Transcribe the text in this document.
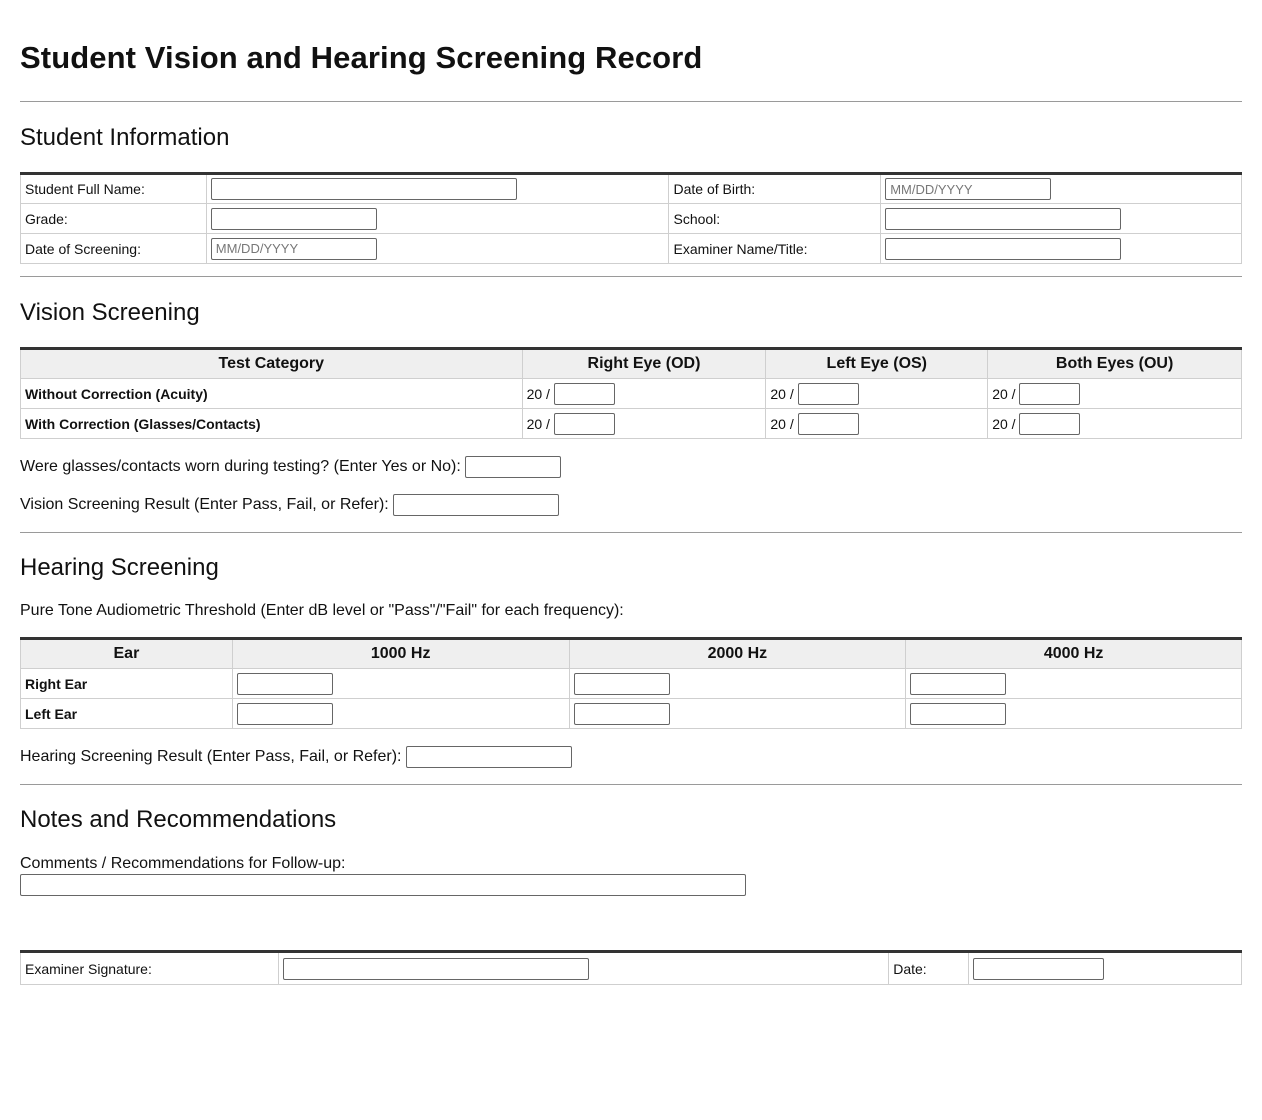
Student Vision and Hearing Screening Record
Student Information
Student Full Name:		Date of Birth:	MM/DD/YYYY
Grade:		School:	
Date of Screening:	MM/DD/YYYY	Examiner Name/Title:	
Vision Screening
Test Category	Right Eye (OD)	Left Eye (OS)	Both Eyes (OU)
Without Correction (Acuity)	20 /	20 /	20 /
With Correction (Glasses/Contacts)	20 /	20 /	20 /
Were glasses/contacts worn during testing? (Enter Yes or No):
Vision Screening Result (Enter Pass, Fail, or Refer):
Hearing Screening
Pure Tone Audiometric Threshold (Enter dB level or "Pass"/"Fail" for each frequency):
Ear	1000 Hz	2000 Hz	4000 Hz
Right Ear			
Left Ear			
Hearing Screening Result (Enter Pass, Fail, or Refer):
Notes and Recommendations
Comments / Recommendations for Follow-up:
Examiner Signature:		Date:	
